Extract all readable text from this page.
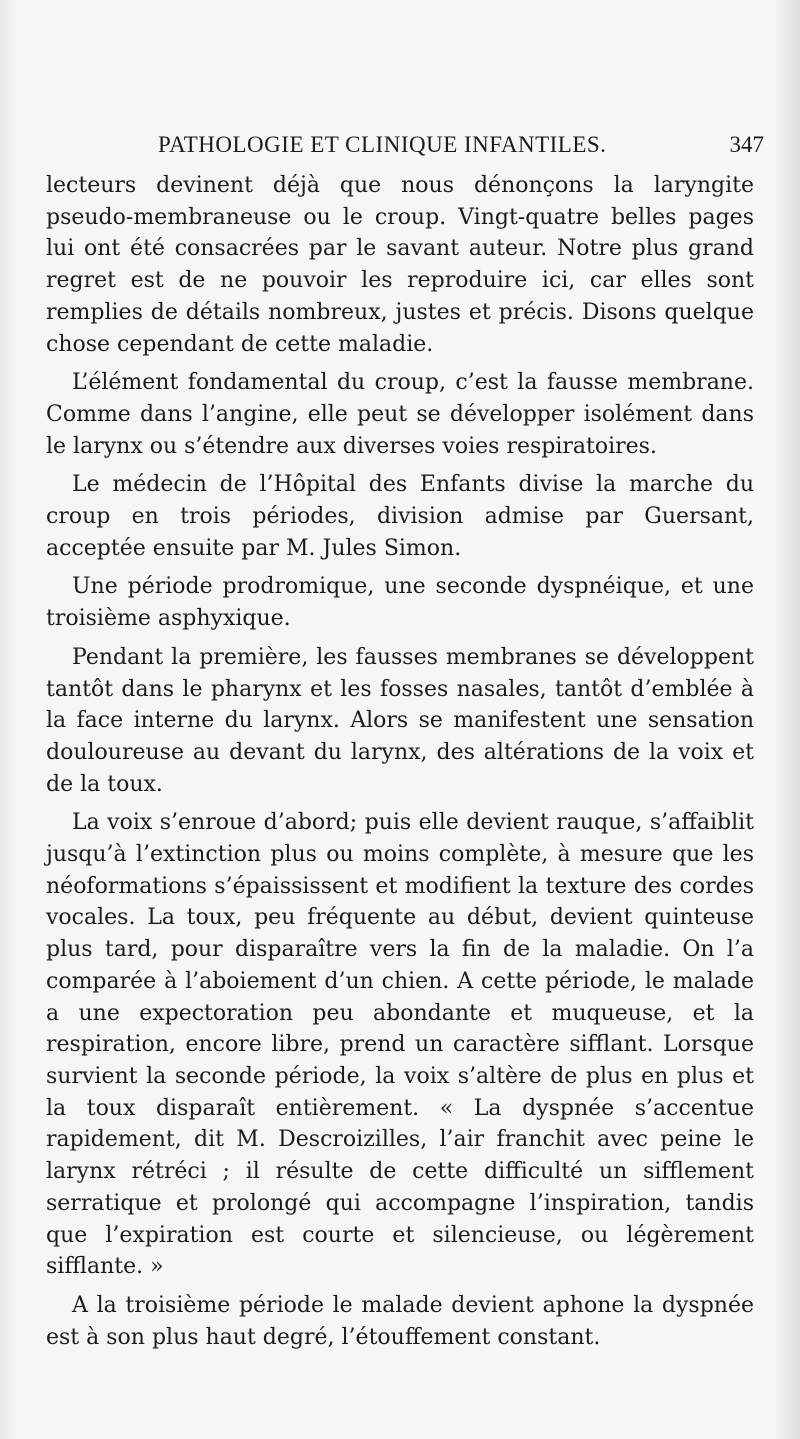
PATHOLOGIE ET CLINIQUE INFANTILES.	347

lecteurs devinent déjà que nous dénonçons la laryngite pseudo-membraneuse ou le croup. Vingt-quatre belles pages lui ont été consacrées par le savant auteur. Notre plus grand regret est de ne pouvoir les reproduire ici, car elles sont remplies de détails nombreux, justes et précis. Disons quelque chose cependant de cette maladie.

L’élément fondamental du croup, c’est la fausse membrane. Comme dans l’angine, elle peut se développer isolément dans le larynx ou s’étendre aux diverses voies respiratoires.

Le médecin de l’Hôpital des Enfants divise la marche du croup en trois périodes, division admise par Guersant, acceptée ensuite par M. Jules Simon.

Une période prodromique, une seconde dyspnéique, et une troisième asphyxique.

Pendant la première, les fausses membranes se développent tantôt dans le pharynx et les fosses nasales, tantôt d’emblée à la face interne du larynx. Alors se manifestent une sensation douloureuse au devant du larynx, des altérations de la voix et de la toux.

La voix s’enroue d’abord; puis elle devient rauque, s’affaiblit jusqu’à l’extinction plus ou moins complète, à mesure que les néoformations s’épaississent et modifient la texture des cordes vocales. La toux, peu fréquente au début, devient quinteuse plus tard, pour disparaître vers la fin de la maladie. On l’a comparée à l’aboiement d’un chien. A cette période, le malade a une expectoration peu abondante et muqueuse, et la respiration, encore libre, prend un caractère sifflant. Lorsque survient la seconde période, la voix s’altère de plus en plus et la toux disparaît entièrement. « La dyspnée s’accentue rapidement, dit M. Descroizilles, l’air franchit avec peine le larynx rétréci ; il résulte de cette difficulté un sifflement serratique et prolongé qui accompagne l’inspiration, tandis que l’expiration est courte et silencieuse, ou légèrement sifflante. »

A la troisième période le malade devient aphone la dyspnée est à son plus haut degré, l’étouffement constant.
